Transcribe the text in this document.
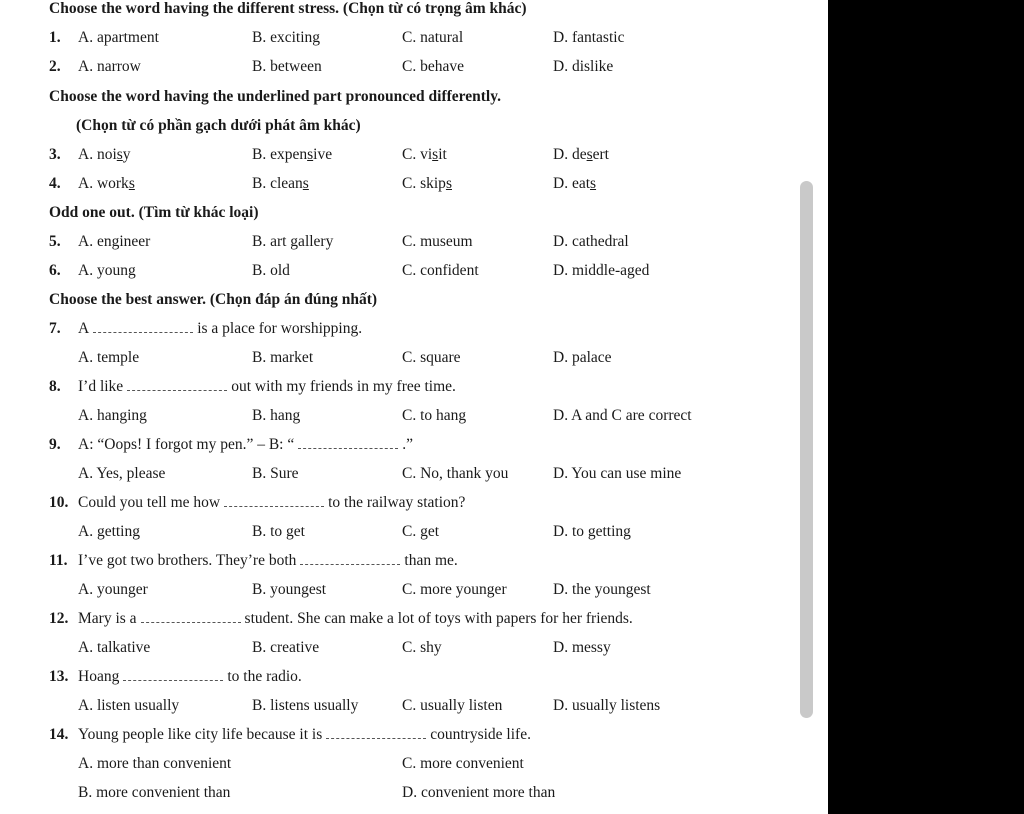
Choose the word having the different stress. (Chọn từ có trọng âm khác)
1. A. apartment	B. exciting	C. natural	D. fantastic
2. A. narrow	B. between	C. behave	D. dislike
Choose the word having the underlined part pronounced differently.
(Chọn từ có phần gạch dưới phát âm khác)
3. A. noisy	B. expensive	C. visit	D. desert
4. A. works	B. cleans	C. skips	D. eats
Odd one out. (Tìm từ khác loại)
5. A. engineer	B. art gallery	C. museum	D. cathedral
6. A. young	B. old	C. confident	D. middle-aged
Choose the best answer. (Chọn đáp án đúng nhất)
7. A	is a place for worshipping.
A. temple	B. market	C. square	D. palace
8. I’d like	out with my friends in my free time.
A. hanging	B. hang	C. to hang	D. A and C are correct
9. A: “Oops! I forgot my pen.” – B: “	.”
A. Yes, please	B. Sure	C. No, thank you	D. You can use mine
10. Could you tell me how	to the railway station?
A. getting	B. to get	C. get	D. to getting
11. I’ve got two brothers. They’re both	than me.
A. younger	B. youngest	C. more younger	D. the youngest
12. Mary is a	student. She can make a lot of toys with papers for her friends.
A. talkative	B. creative	C. shy	D. messy
13. Hoang	to the radio.
A. listen usually	B. listens usually	C. usually listen	D. usually listens
14. Young people like city life because it is	countryside life.
A. more than convenient	C. more convenient
B. more convenient than	D. convenient more than
